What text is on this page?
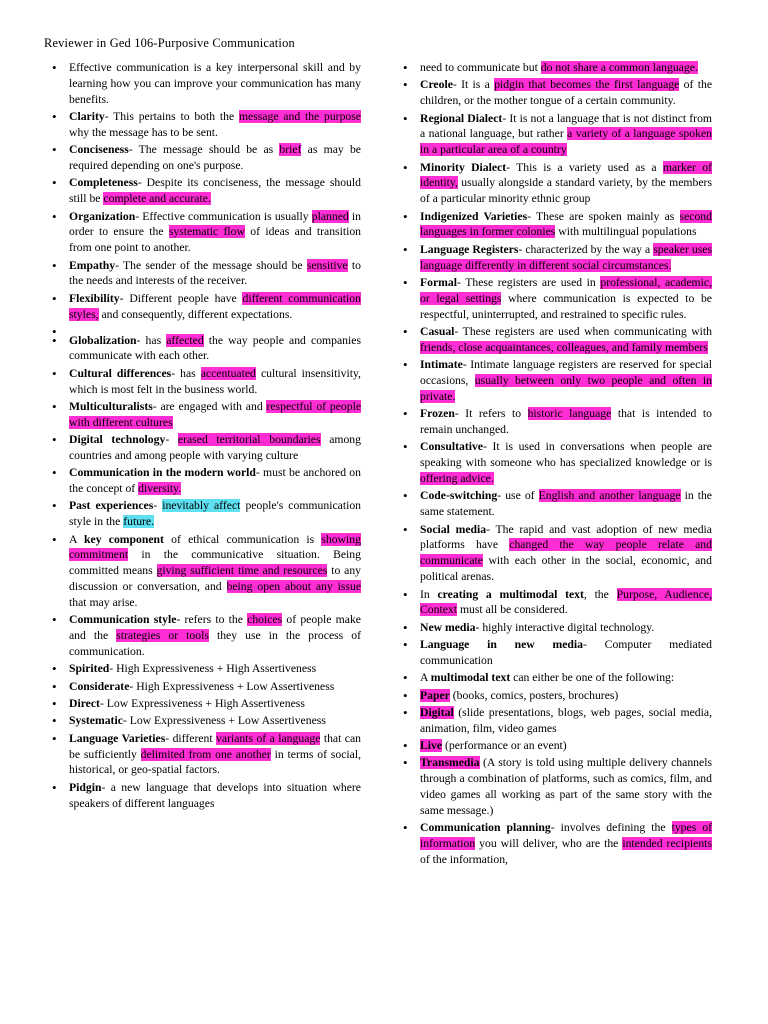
Reviewer in Ged 106-Purposive Communication
• Effective communication is a key interpersonal skill and by learning how you can improve your communication has many benefits.
• Clarity- This pertains to both the message and the purpose why the message has to be sent.
• Conciseness- The message should be as brief as may be required depending on one's purpose.
• Completeness- Despite its conciseness, the message should still be complete and accurate.
• Organization- Effective communication is usually planned in order to ensure the systematic flow of ideas and transition from one point to another.
• Empathy- The sender of the message should be sensitive to the needs and interests of the receiver.
• Flexibility- Different people have different communication styles, and consequently, different expectations.
•
• Globalization- has affected the way people and companies communicate with each other.
• Cultural differences- has accentuated cultural insensitivity, which is most felt in the business world.
• Multiculturalists- are engaged with and respectful of people with different cultures
• Digital technology- erased territorial boundaries among countries and among people with varying culture
• Communication in the modern world- must be anchored on the concept of diversity.
• Past experiences- inevitably affect people's communication style in the future.
• A key component of ethical communication is showing commitment in the communicative situation. Being committed means giving sufficient time and resources to any discussion or conversation, and being open about any issue that may arise.
• Communication style- refers to the choices of people make and the strategies or tools they use in the process of communication.
• Spirited- High Expressiveness + High Assertiveness
• Considerate- High Expressiveness + Low Assertiveness
• Direct- Low Expressiveness + High Assertiveness
• Systematic- Low Expressiveness + Low Assertiveness
• Language Varieties- different variants of a language that can be sufficiently delimited from one another in terms of social, historical, or geo-spatial factors.
• Pidgin- a new language that develops into situation where speakers of different languages
• need to communicate but do not share a common language.
• Creole- It is a pidgin that becomes the first language of the children, or the mother tongue of a certain community.
• Regional Dialect- It is not a language that is not distinct from a national language, but rather a variety of a language spoken in a particular area of a country
• Minority Dialect- This is a variety used as a marker of identity, usually alongside a standard variety, by the members of a particular minority ethnic group
• Indigenized Varieties- These are spoken mainly as second languages in former colonies with multilingual populations
• Language Registers- characterized by the way a speaker uses language differently in different social circumstances.
• Formal- These registers are used in professional, academic, or legal settings where communication is expected to be respectful, uninterrupted, and restrained to specific rules.
• Casual- These registers are used when communicating with friends, close acquaintances, colleagues, and family members
• Intimate- Intimate language registers are reserved for special occasions, usually between only two people and often in private.
• Frozen- It refers to historic language that is intended to remain unchanged.
• Consultative- It is used in conversations when people are speaking with someone who has specialized knowledge or is offering advice.
• Code-switching- use of English and another language in the same statement.
• Social media- The rapid and vast adoption of new media platforms have changed the way people relate and communicate with each other in the social, economic, and political arenas.
• In creating a multimodal text, the Purpose, Audience, Context must all be considered.
• New media- highly interactive digital technology.
• Language in new media- Computer mediated communication
• A multimodal text can either be one of the following:
• Paper (books, comics, posters, brochures)
• Digital (slide presentations, blogs, web pages, social media, animation, film, video games
• Live (performance or an event)
• Transmedia (A story is told using multiple delivery channels through a combination of platforms, such as comics, film, and video games all working as part of the same story with the same message.)
• Communication planning- involves defining the types of information you will deliver, who are the intended recipients of the information,
